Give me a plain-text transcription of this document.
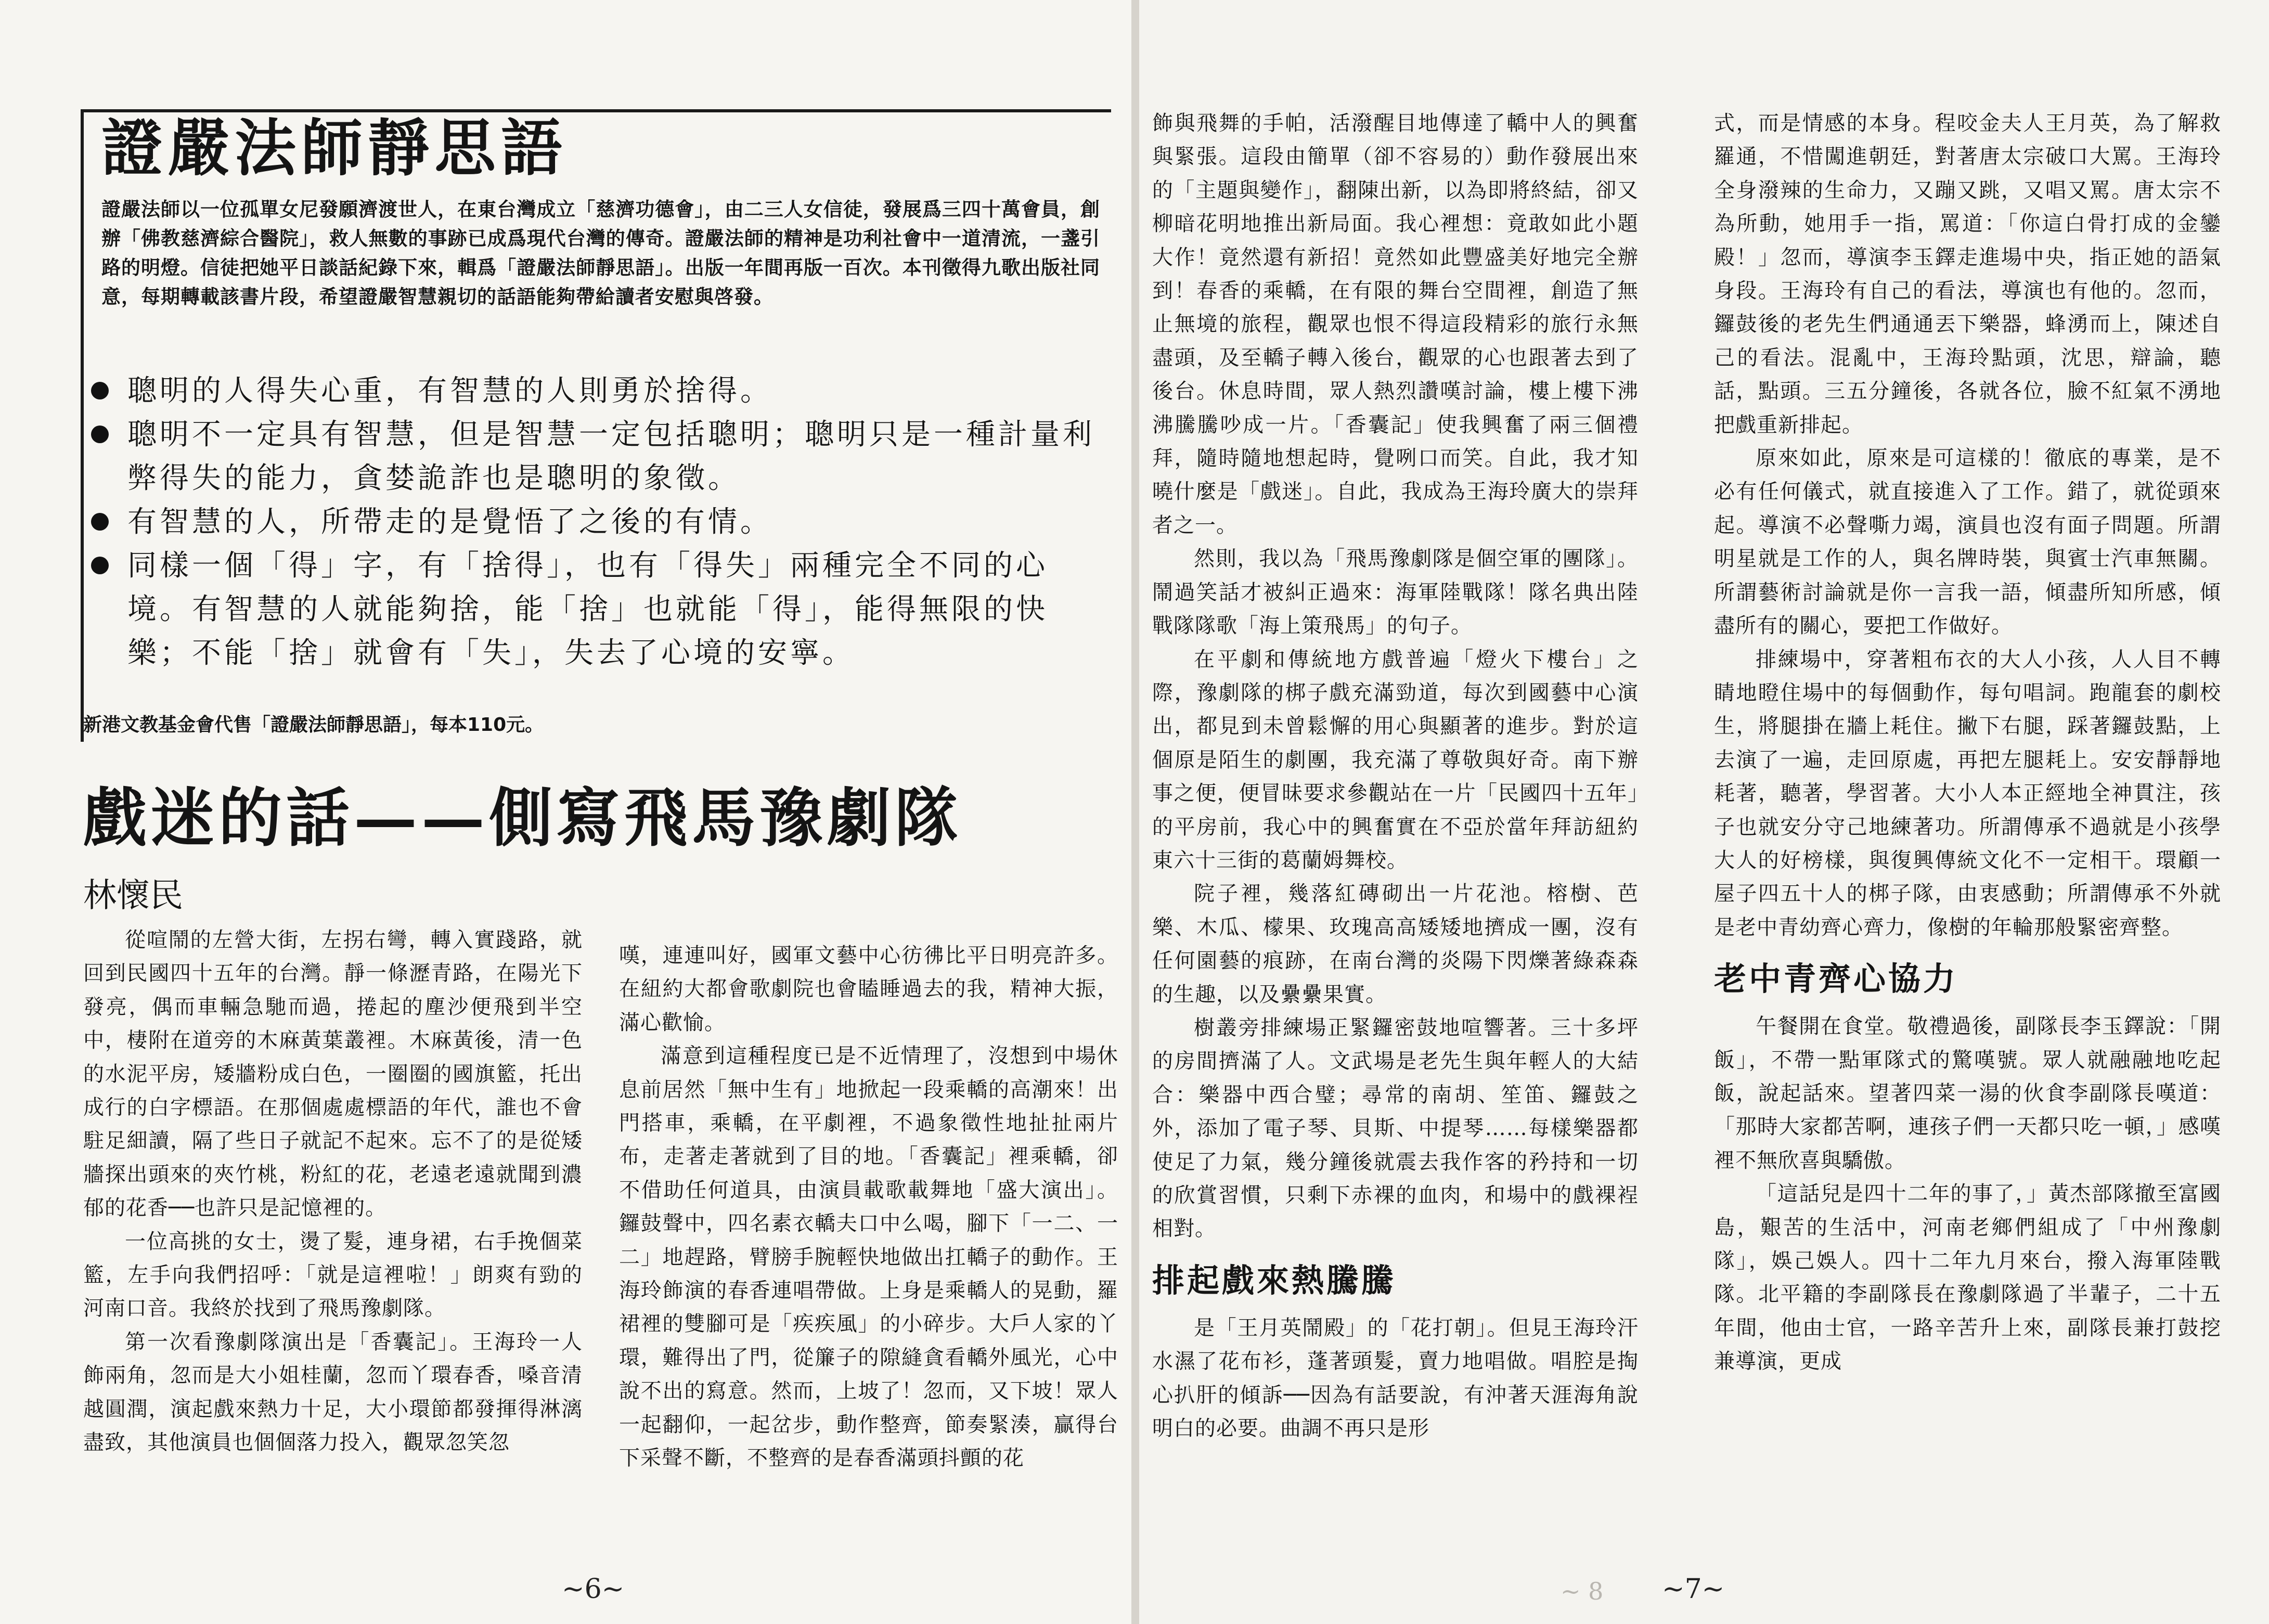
證嚴法師靜思語
證嚴法師以一位孤單女尼發願濟渡世人，在東台灣成立「慈濟功德會」，由二三人女信徒，發展爲三四十萬會員，創辦「佛教慈濟綜合醫院」，救人無數的事跡已成爲現代台灣的傳奇。證嚴法師的精神是功利社會中一道清流，一盞引路的明燈。信徒把她平日談話紀錄下來，輯爲「證嚴法師靜思語」。出版一年間再版一百次。本刊徵得九歌出版社同意，每期轉載該書片段，希望證嚴智慧親切的話語能夠帶給讀者安慰與啓發。
聰明的人得失心重，有智慧的人則勇於捨得。
聰明不一定具有智慧，但是智慧一定包括聰明；聰明只是一種計量利弊得失的能力，貪婪詭詐也是聰明的象徵。
有智慧的人，所帶走的是覺悟了之後的有情。
同樣一個「得」字，有「捨得」，也有「得失」兩種完全不同的心境。有智慧的人就能夠捨，能「捨」也就能「得」，能得無限的快樂；不能「捨」就會有「失」，失去了心境的安寧。
新港文教基金會代售「證嚴法師靜思語」，每本110元。
戲迷的話——側寫飛馬豫劇隊
林懷民

從喧鬧的左營大街，左拐右彎，轉入實踐路，就回到民國四十五年的台灣。靜一條瀝青路，在陽光下發亮，偶而車輛急馳而過，捲起的塵沙便飛到半空中，棲附在道旁的木麻黃葉叢裡。木麻黃後，清一色的水泥平房，矮牆粉成白色，一圈圈的國旗籃，托出成行的白字標語。在那個處處標語的年代，誰也不會駐足細讀，隔了些日子就記不起來。忘不了的是從矮牆探出頭來的夾竹桃，粉紅的花，老遠老遠就聞到濃郁的花香──也許只是記憶裡的。

一位高挑的女士，燙了髮，連身裙，右手挽個菜籃，左手向我們招呼：「就是這裡啦！」朗爽有勁的河南口音。我終於找到了飛馬豫劇隊。

第一次看豫劇隊演出是「香囊記」。王海玲一人飾兩角，忽而是大小姐桂蘭，忽而丫環春香，嗓音清越圓潤，演起戲來熱力十足，大小環節都發揮得淋漓盡致，其他演員也個個落力投入，觀眾忽笑忽

嘆，連連叫好，國軍文藝中心彷彿比平日明亮許多。在紐約大都會歌劇院也會瞌睡過去的我，精神大振，滿心歡愉。

滿意到這種程度已是不近情理了，沒想到中場休息前居然「無中生有」地掀起一段乘轎的高潮來！出門搭車，乘轎，在平劇裡，不過象徵性地扯扯兩片布，走著走著就到了目的地。「香囊記」裡乘轎，卻不借助任何道具，由演員載歌載舞地「盛大演出」。鑼鼓聲中，四名素衣轎夫口中么喝，腳下「一二、一二」地趕路，臂膀手腕輕快地做出扛轎子的動作。王海玲飾演的春香連唱帶做。上身是乘轎人的晃動，羅裙裡的雙腳可是「疾疾風」的小碎步。大戶人家的丫環，難得出了門，從簾子的隙縫貪看轎外風光，心中說不出的寫意。然而，上坡了！忽而，又下坡！眾人一起翻仰，一起岔步，動作整齊，節奏緊湊，贏得台下采聲不斷，不整齊的是春香滿頭抖顫的花

~6~

飾與飛舞的手帕，活潑醒目地傳達了轎中人的興奮與緊張。這段由簡單（卻不容易的）動作發展出來的「主題與變作」，翻陳出新，以為即將終結，卻又柳暗花明地推出新局面。我心裡想：竟敢如此小題大作！竟然還有新招！竟然如此豐盛美好地完全辦到！春香的乘轎，在有限的舞台空間裡，創造了無止無境的旅程，觀眾也恨不得這段精彩的旅行永無盡頭，及至轎子轉入後台，觀眾的心也跟著去到了後台。休息時間，眾人熱烈讚嘆討論，樓上樓下沸沸騰騰吵成一片。「香囊記」使我興奮了兩三個禮拜，隨時隨地想起時，覺咧口而笑。自此，我才知曉什麼是「戲迷」。自此，我成為王海玲廣大的崇拜者之一。

然則，我以為「飛馬豫劇隊是個空軍的團隊」。鬧過笑話才被糾正過來：海軍陸戰隊！隊名典出陸戰隊隊歌「海上策飛馬」的句子。

在平劇和傳統地方戲普遍「燈火下樓台」之際，豫劇隊的梆子戲充滿勁道，每次到國藝中心演出，都見到未曾鬆懈的用心與顯著的進步。對於這個原是陌生的劇團，我充滿了尊敬與好奇。南下辦事之便，便冒昧要求參觀站在一片「民國四十五年」的平房前，我心中的興奮實在不亞於當年拜訪紐約東六十三街的葛蘭姆舞校。

院子裡，幾落紅磚砌出一片花池。榕樹、芭樂、木瓜、檬果、玫瑰高高矮矮地擠成一團，沒有任何園藝的痕跡，在南台灣的炎陽下閃爍著綠森森的生趣，以及纍纍果實。

樹叢旁排練場正緊鑼密鼓地喧響著。三十多坪的房間擠滿了人。文武場是老先生與年輕人的大結合：樂器中西合璧；尋常的南胡、笙笛、鑼鼓之外，添加了電子琴、貝斯、中提琴……每樣樂器都使足了力氣，幾分鐘後就震去我作客的矜持和一切的欣賞習慣，只剩下赤裸的血肉，和場中的戲裸裎相對。

排起戲來熱騰騰

是「王月英鬧殿」的「花打朝」。但見王海玲汗水濕了花布衫，蓬著頭髮，賣力地唱做。唱腔是掏心扒肝的傾訴──因為有話要說，有沖著天涯海角說明白的必要。曲調不再只是形

式，而是情感的本身。程咬金夫人王月英，為了解救羅通，不惜闖進朝廷，對著唐太宗破口大罵。王海玲全身潑辣的生命力，又蹦又跳，又唱又罵。唐太宗不為所動，她用手一指，罵道：「你這白骨打成的金鑾殿！」忽而，導演李玉鐸走進場中央，指正她的語氣身段。王海玲有自己的看法，導演也有他的。忽而，鑼鼓後的老先生們通通丟下樂器，蜂湧而上，陳述自己的看法。混亂中，王海玲點頭，沈思，辯論，聽話，點頭。三五分鐘後，各就各位，臉不紅氣不湧地把戲重新排起。

原來如此，原來是可這樣的！徹底的專業，是不必有任何儀式，就直接進入了工作。錯了，就從頭來起。導演不必聲嘶力竭，演員也沒有面子問題。所謂明星就是工作的人，與名牌時裝，與賓士汽車無關。所謂藝術討論就是你一言我一語，傾盡所知所感，傾盡所有的關心，要把工作做好。

排練場中，穿著粗布衣的大人小孩，人人目不轉睛地瞪住場中的每個動作，每句唱詞。跑龍套的劇校生，將腿掛在牆上耗住。撇下右腿，踩著鑼鼓點，上去演了一遍，走回原處，再把左腿耗上。安安靜靜地耗著，聽著，學習著。大小人本正經地全神貫注，孩子也就安分守己地練著功。所謂傳承不過就是小孩學大人的好榜樣，與復興傳統文化不一定相干。環顧一屋子四五十人的梆子隊，由衷感動；所謂傳承不外就是老中青幼齊心齊力，像樹的年輪那般緊密齊整。

老中青齊心協力

午餐開在食堂。敬禮過後，副隊長李玉鐸說：「開飯」，不帶一點軍隊式的驚嘆號。眾人就融融地吃起飯，說起話來。望著四菜一湯的伙食李副隊長嘆道：「那時大家都苦啊，連孩子們一天都只吃一頓，」感嘆裡不無欣喜與驕傲。

「這話兒是四十二年的事了，」黃杰部隊撤至富國島，艱苦的生活中，河南老鄉們組成了「中州豫劇隊」，娛己娛人。四十二年九月來台，撥入海軍陸戰隊。北平籍的李副隊長在豫劇隊過了半輩子，二十五年間，他由士官，一路辛苦升上來，副隊長兼打鼓挖兼導演，更成

~ 8 ~7~
